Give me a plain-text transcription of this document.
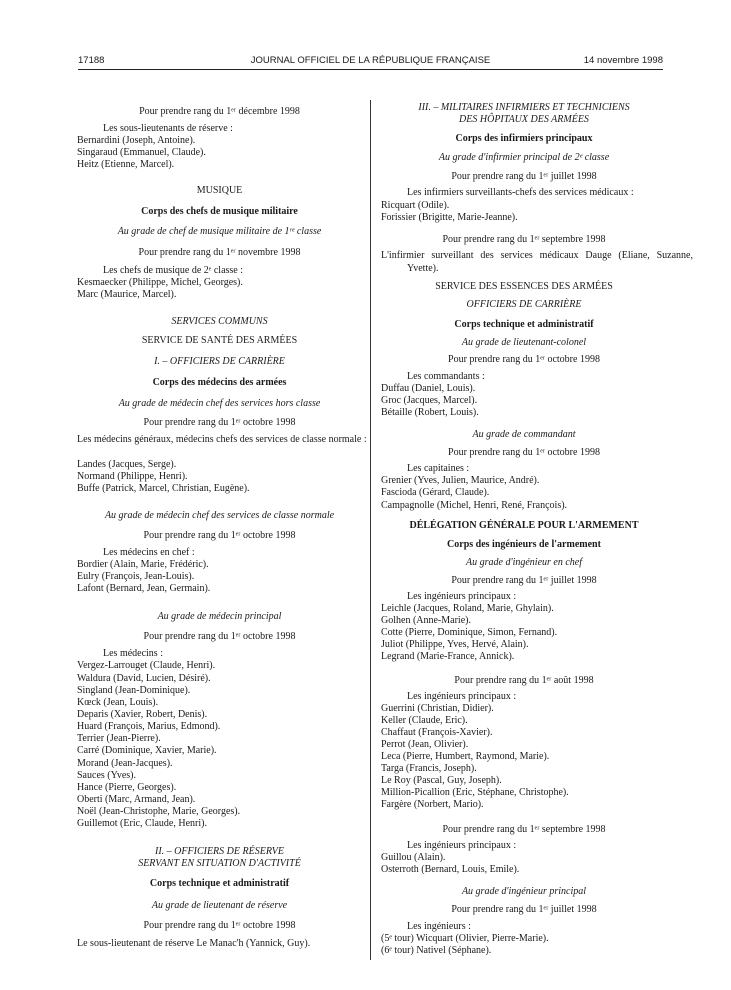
17188	JOURNAL OFFICIEL DE LA RÉPUBLIQUE FRANÇAISE	14 novembre 1998
Pour prendre rang du 1ᵉʳ décembre 1998
Les sous-lieutenants de réserve :
Bernardini (Joseph, Antoine).
Singaraud (Emmanuel, Claude).
Heitz (Etienne, Marcel).
MUSIQUE
Corps des chefs de musique militaire
Au grade de chef de musique militaire de 1ʳᵉ classe
Pour prendre rang du 1ᵉʳ novembre 1998
Les chefs de musique de 2ᵉ classe :
Kesmaecker (Philippe, Michel, Georges).
Marc (Maurice, Marcel).
SERVICES COMMUNS
SERVICE DE SANTÉ DES ARMÉES
I. – OFFICIERS DE CARRIÈRE
Corps des médecins des armées
Au grade de médecin chef des services hors classe
Pour prendre rang du 1ᵉʳ octobre 1998
Les médecins généraux, médecins chefs des services de classe normale :
Landes (Jacques, Serge).
Normand (Philippe, Henri).
Buffe (Patrick, Marcel, Christian, Eugène).
Au grade de médecin chef des services de classe normale
Pour prendre rang du 1ᵉʳ octobre 1998
Les médecins en chef :
Bordier (Alain, Marie, Frédéric).
Eulry (François, Jean-Louis).
Lafont (Bernard, Jean, Germain).
Au grade de médecin principal
Pour prendre rang du 1ᵉʳ octobre 1998
Les médecins :
Vergez-Larrouget (Claude, Henri).
Waldura (David, Lucien, Désiré).
Singland (Jean-Dominique).
Kœck (Jean, Louis).
Deparis (Xavier, Robert, Denis).
Huard (François, Marius, Edmond).
Terrier (Jean-Pierre).
Carré (Dominique, Xavier, Marie).
Morand (Jean-Jacques).
Sauces (Yves).
Hance (Pierre, Georges).
Oberti (Marc, Armand, Jean).
Noël (Jean-Christophe, Marie, Georges).
Guillemot (Eric, Claude, Henri).
II. – OFFICIERS DE RÉSERVE
SERVANT EN SITUATION D'ACTIVITÉ
Corps technique et administratif
Au grade de lieutenant de réserve
Pour prendre rang du 1ᵉʳ octobre 1998
Le sous-lieutenant de réserve Le Manac'h (Yannick, Guy).
III. – MILITAIRES INFIRMIERS ET TECHNICIENS
DES HÔPITAUX DES ARMÉES
Corps des infirmiers principaux
Au grade d'infirmier principal de 2ᵉ classe
Pour prendre rang du 1ᵉʳ juillet 1998
Les infirmiers surveillants-chefs des services médicaux :
Ricquart (Odile).
Forissier (Brigitte, Marie-Jeanne).
Pour prendre rang du 1ᵉʳ septembre 1998
L'infirmier surveillant des services médicaux Dauge (Eliane, Suzanne, Yvette).
SERVICE DES ESSENCES DES ARMÉES
OFFICIERS DE CARRIÈRE
Corps technique et administratif
Au grade de lieutenant-colonel
Pour prendre rang du 1ᵉʳ octobre 1998
Les commandants :
Duffau (Daniel, Louis).
Groc (Jacques, Marcel).
Bétaille (Robert, Louis).
Au grade de commandant
Pour prendre rang du 1ᵉʳ octobre 1998
Les capitaines :
Grenier (Yves, Julien, Maurice, André).
Fascioda (Gérard, Claude).
Campagnolle (Michel, Henri, René, François).
DÉLÉGATION GÉNÉRALE POUR L'ARMEMENT
Corps des ingénieurs de l'armement
Au grade d'ingénieur en chef
Pour prendre rang du 1ᵉʳ juillet 1998
Les ingénieurs principaux :
Leichle (Jacques, Roland, Marie, Ghylain).
Golhen (Anne-Marie).
Cotte (Pierre, Dominique, Simon, Fernand).
Juliot (Philippe, Yves, Hervé, Alain).
Legrand (Marie-France, Annick).
Pour prendre rang du 1ᵉʳ août 1998
Les ingénieurs principaux :
Guerrini (Christian, Didier).
Keller (Claude, Eric).
Chaffaut (François-Xavier).
Perrot (Jean, Olivier).
Leca (Pierre, Humbert, Raymond, Marie).
Targa (Francis, Joseph).
Le Roy (Pascal, Guy, Joseph).
Million-Picallion (Eric, Stéphane, Christophe).
Fargère (Norbert, Mario).
Pour prendre rang du 1ᵉʳ septembre 1998
Les ingénieurs principaux :
Guillou (Alain).
Osterroth (Bernard, Louis, Emile).
Au grade d'ingénieur principal
Pour prendre rang du 1ᵉʳ juillet 1998
Les ingénieurs :
(5ᵉ tour) Wicquart (Olivier, Pierre-Marie).
(6ᵉ tour) Nativel (Séphane).
